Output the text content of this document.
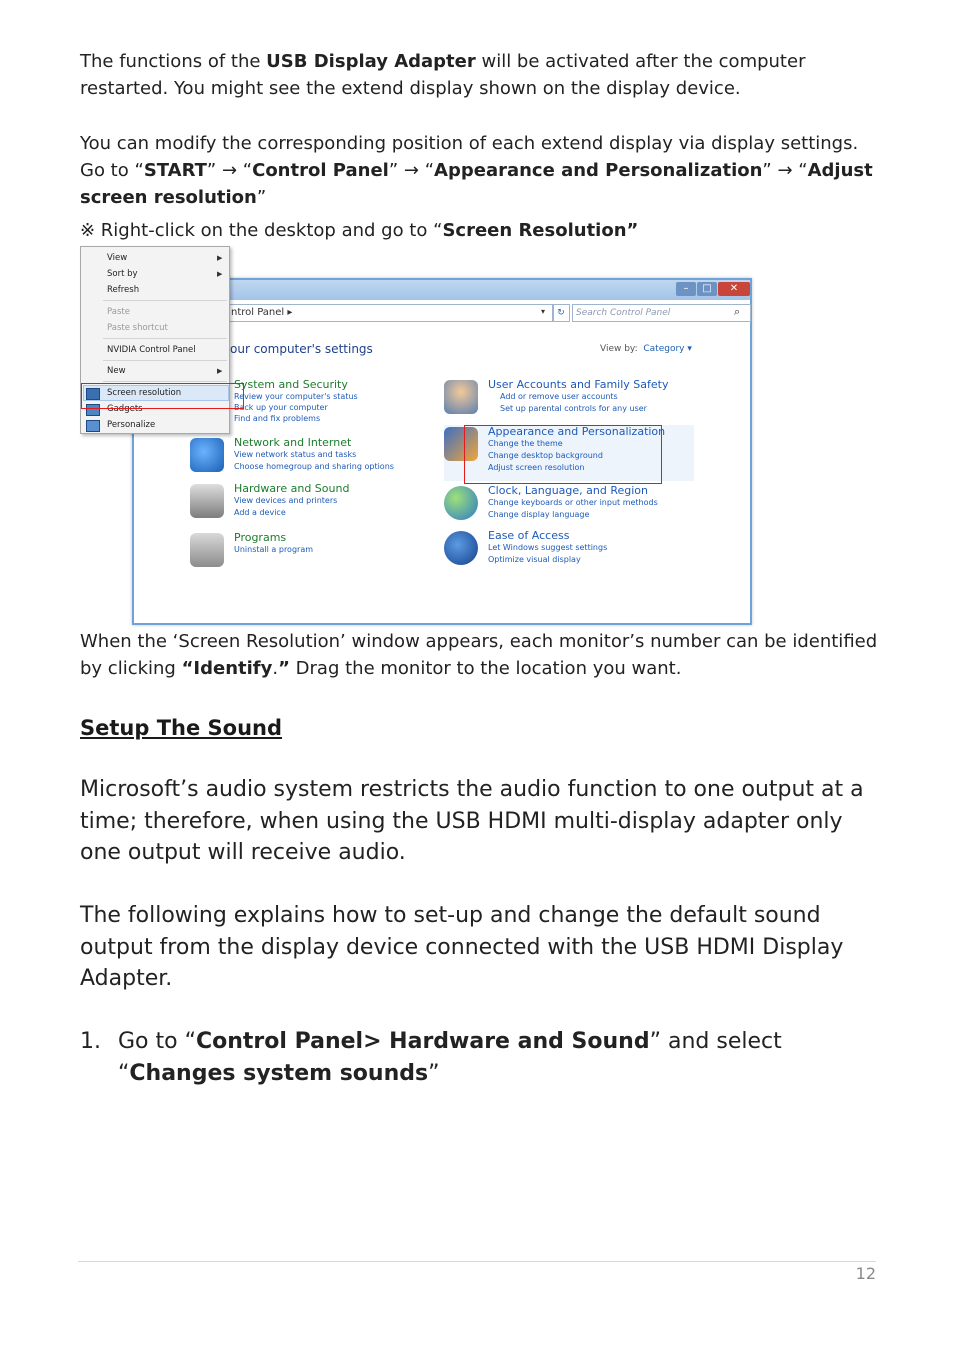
The functions of the USB Display Adapter will be activated after the computer restarted. You might see the extend display shown on the display device.
You can modify the corresponding position of each extend display via display settings. Go to “START” → “Control Panel” → “Appearance and Personalization” → “Adjust screen resolution”
※ Right-click on the desktop and go to “Screen Resolution”
–	□	✕
ntrol Panel ▸	▾	↻	Search Control Panel	⌕
our computer's settings	View by: Category ▾
System and Security
Review your computer's status
Back up your computer
Find and fix problems
Network and Internet
View network status and tasks
Choose homegroup and sharing options
Hardware and Sound
View devices and printers
Add a device
Programs
Uninstall a program
User Accounts and Family Safety
Add or remove user accounts
Set up parental controls for any user
Appearance and Personalization
Change the theme
Change desktop background
Adjust screen resolution
Clock, Language, and Region
Change keyboards or other input methods
Change display language
Ease of Access
Let Windows suggest settings
Optimize visual display
View	▶
Sort by	▶
Refresh
Paste
Paste shortcut
NVIDIA Control Panel
New	▶
Screen resolution
Gadgets
Personalize
When the ‘Screen Resolution’ window appears, each monitor’s number can be identified by clicking “Identify.” Drag the monitor to the location you want.
Setup The Sound
Microsoft’s audio system restricts the audio function to one output at a time; therefore, when using the USB HDMI multi-display adapter only one output will receive audio.
The following explains how to set-up and change the default sound output from the display device connected with the USB HDMI Display Adapter.
1. Go to “Control Panel> Hardware and Sound” and select “Changes system sounds”
12
